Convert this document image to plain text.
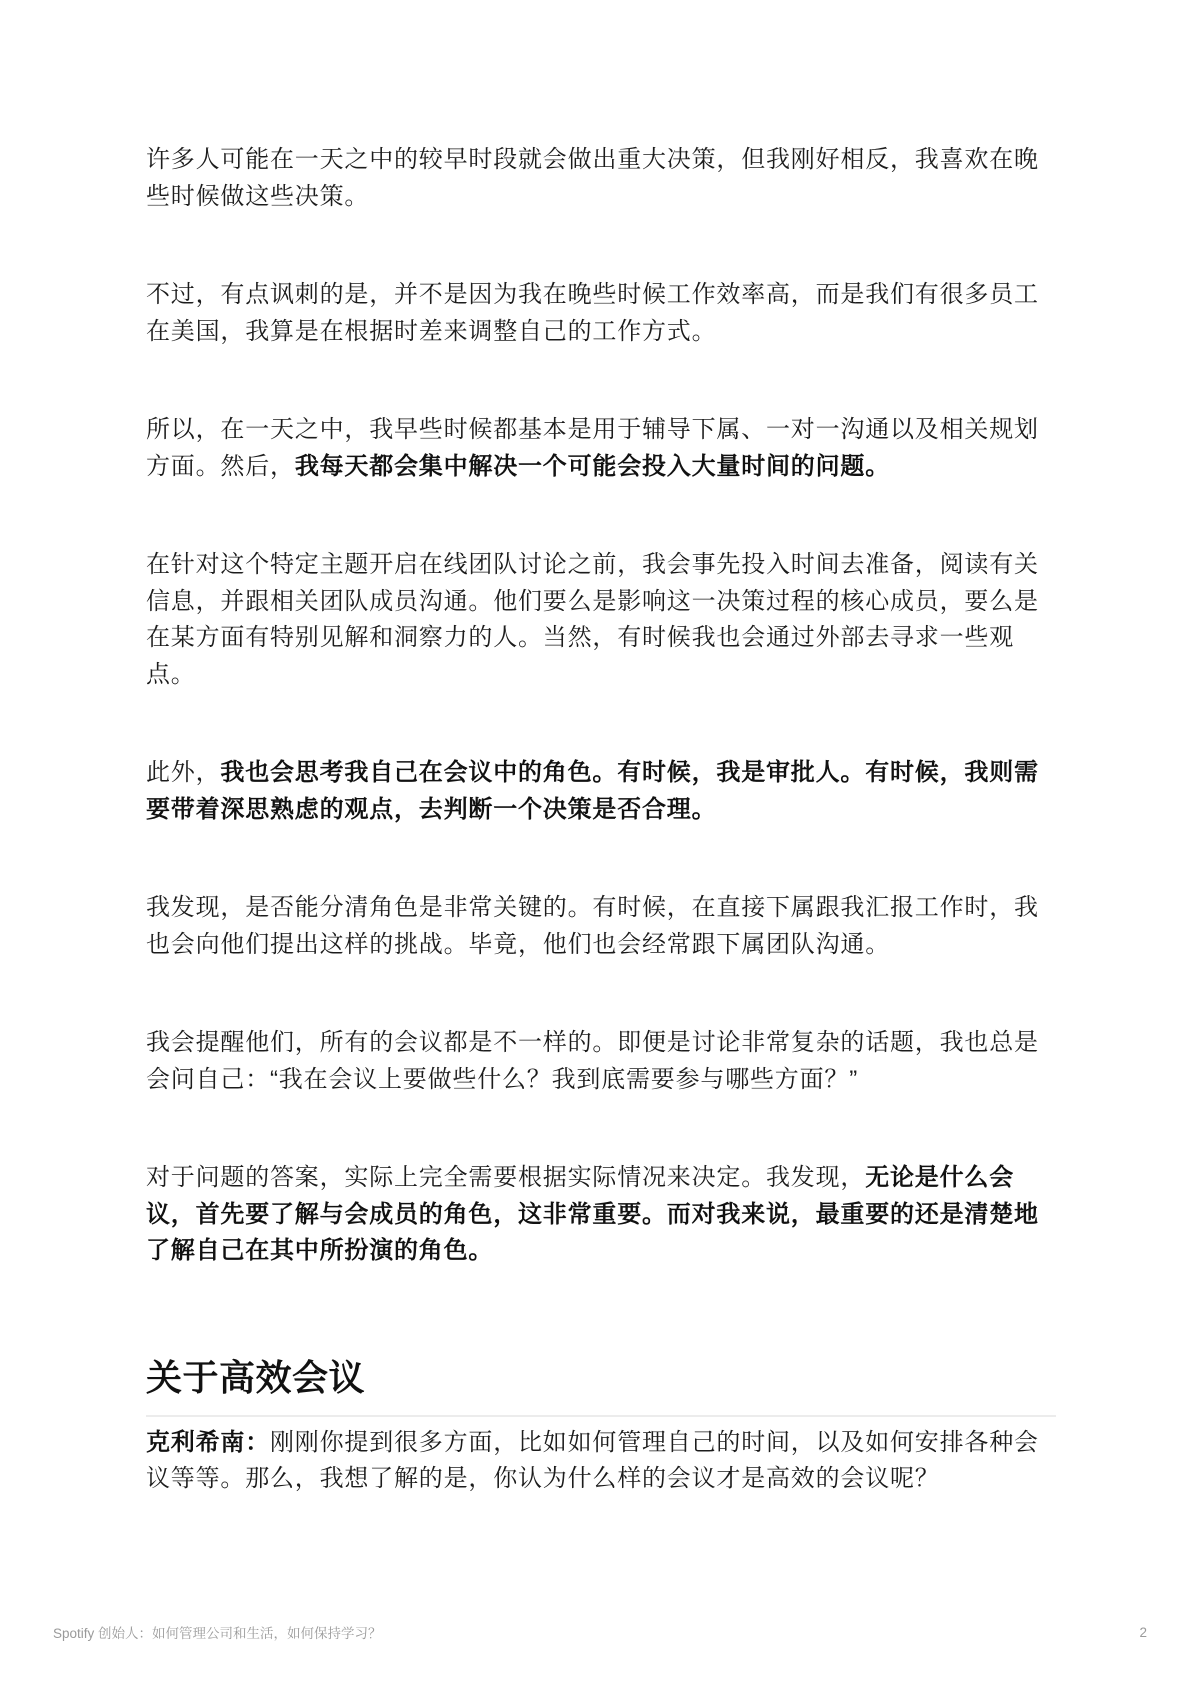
许多人可能在一天之中的较早时段就会做出重大决策，但我刚好相反，我喜欢在晚些时候做这些决策。

不过，有点讽刺的是，并不是因为我在晚些时候工作效率高，而是我们有很多员工在美国，我算是在根据时差来调整自己的工作方式。

所以，在一天之中，我早些时候都基本是用于辅导下属、一对一沟通以及相关规划方面。然后，我每天都会集中解决一个可能会投入大量时间的问题。

在针对这个特定主题开启在线团队讨论之前，我会事先投入时间去准备，阅读有关信息，并跟相关团队成员沟通。他们要么是影响这一决策过程的核心成员，要么是在某方面有特别见解和洞察力的人。当然，有时候我也会通过外部去寻求一些观点。

此外，我也会思考我自己在会议中的角色。有时候，我是审批人。有时候，我则需要带着深思熟虑的观点，去判断一个决策是否合理。

我发现，是否能分清角色是非常关键的。有时候，在直接下属跟我汇报工作时，我也会向他们提出这样的挑战。毕竟，他们也会经常跟下属团队沟通。

我会提醒他们，所有的会议都是不一样的。即便是讨论非常复杂的话题，我也总是会问自己：“我在会议上要做些什么？我到底需要参与哪些方面？”

对于问题的答案，实际上完全需要根据实际情况来决定。我发现，无论是什么会议，首先要了解与会成员的角色，这非常重要。而对我来说，最重要的还是清楚地了解自己在其中所扮演的角色。

关于高效会议

克利希南：刚刚你提到很多方面，比如如何管理自己的时间，以及如何安排各种会议等等。那么，我想了解的是，你认为什么样的会议才是高效的会议呢？

Spotify 创始人：如何管理公司和生活，如何保持学习？	2
